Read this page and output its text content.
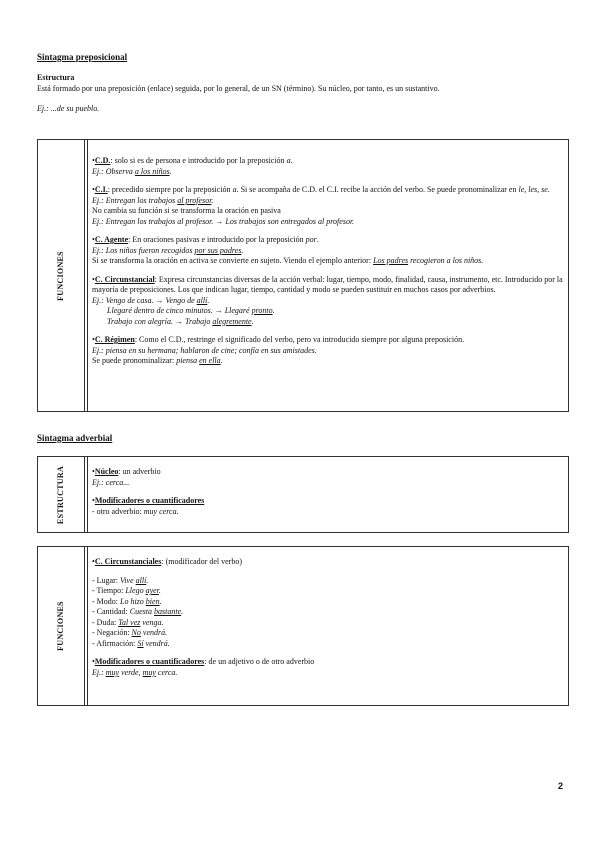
Sintagma preposicional
Estructura
Está formado por una preposición (enlace) seguida, por lo general, de un SN (término). Su núcleo, por tanto, es un sustantivo.
Ej.: ...de su pueblo.
FUNCIONES
•C.D.: solo si es de persona e introducido por la preposición a.
Ej.: Observa a los niños.
•C.I.: precedido siempre por la preposición a. Si se acompaña de C.D. el C.I. recibe la acción del verbo. Se puede pronominalizar en le, les, se.
Ej.: Entregan los trabajos al profesor.
No cambia su función si se transforma la oración en pasiva
Ej.: Entregan los trabajos al profesor. → Los trabajos son entregados al profesor.
•C. Agente: En oraciones pasivas e introducido por la preposición por.
Ej.: Los niños fueron recogidos por sus padres.
Si se transforma la oración en activa se convierte en sujeto. Viendo el ejemplo anterior: Los padres recogieron a los niños.
•C. Circunstancial: Expresa circunstancias diversas de la acción verbal: lugar, tiempo, modo, finalidad, causa, instrumento, etc. Introducido por la mayoría de preposiciones. Los que indican lugar, tiempo, cantidad y modo se pueden sustituir en muchos casos por adverbios.
Ej.: Vengo de casa. → Vengo de allí.
Llegaré dentro de cinco minutos. → Llegaré pronto.
Trabajo con alegría. → Trabajo alegremente.
•C. Régimen: Como el C.D., restringe el significado del verbo, pero va introducido siempre por alguna preposición.
Ej.: piensa en su hermana; hablaron de cine; confía en sus amistades.
Se puede pronominalizar: piensa en ella.
Sintagma adverbial
ESTRUCTURA	•Núcleo: un adverbio
Ej.: cerca...
•Modificadores o cuantificadores
- otro adverbio: muy cerca.
FUNCIONES
•C. Circunstanciales: (modificador del verbo)
- Lugar: Vive allí.
- Tiempo: Llego ayer.
- Modo: Lo hizo bien.
- Cantidad: Cuesta bastante.
- Duda: Tal vez venga.
- Negación: No vendrá.
- Afirmación: Sí vendrá.
•Modificadores o cuantificadores: de un adjetivo o de otro adverbio
Ej.: muy verde, muy cerca.
2
